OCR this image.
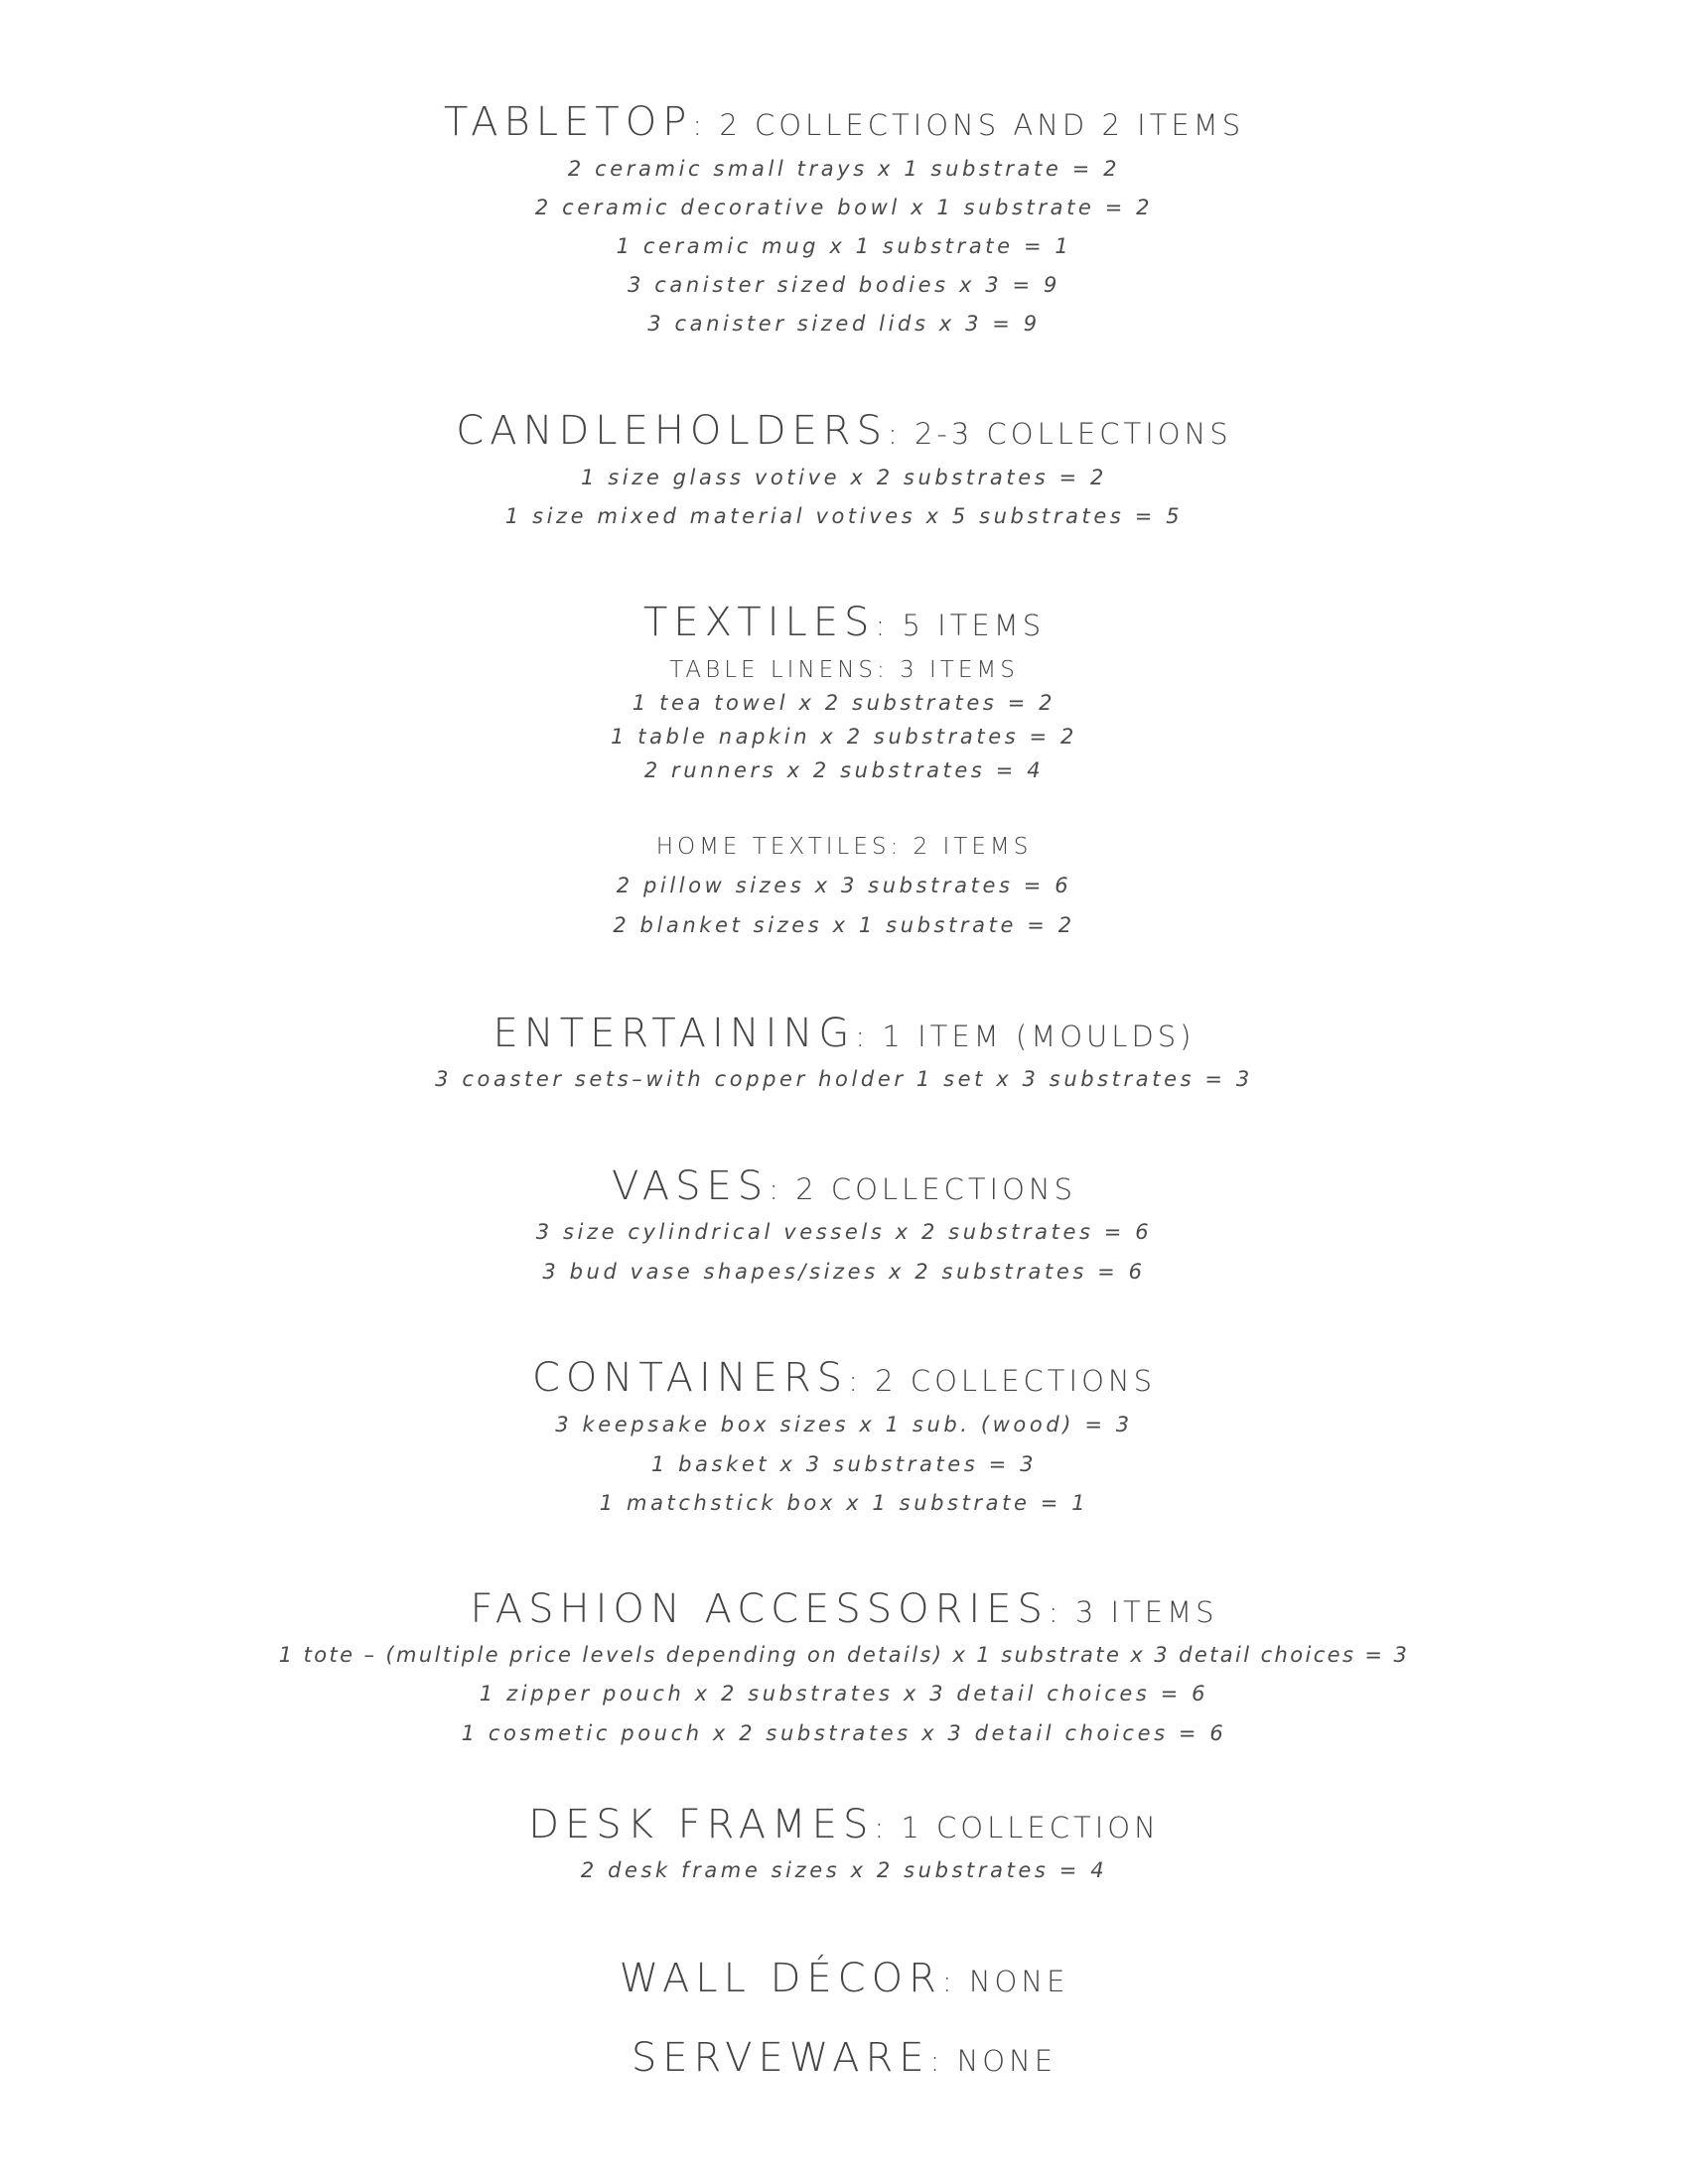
TABLETOP: 2 COLLECTIONS AND 2 ITEMS

2 ceramic small trays x 1 substrate = 2

2 ceramic decorative bowl x 1 substrate = 2

1 ceramic mug x 1 substrate = 1

3 canister sized bodies x 3 = 9

3 canister sized lids x 3 = 9

CANDLEHOLDERS: 2-3 COLLECTIONS

1 size glass votive x 2 substrates = 2

1 size mixed material votives x 5 substrates = 5

TEXTILES: 5 ITEMS

TABLE LINENS: 3 ITEMS

1 tea towel x 2 substrates = 2

1 table napkin x 2 substrates = 2

2 runners x 2 substrates = 4

HOME TEXTILES: 2 ITEMS

2 pillow sizes x 3 substrates = 6

2 blanket sizes x 1 substrate = 2

ENTERTAINING: 1 ITEM (MOULDS)

3 coaster sets–with copper holder 1 set x 3 substrates = 3

VASES: 2 COLLECTIONS

3 size cylindrical vessels x 2 substrates = 6

3 bud vase shapes/sizes x 2 substrates = 6

CONTAINERS: 2 COLLECTIONS

3 keepsake box sizes x 1 sub. (wood) = 3

1 basket x 3 substrates = 3

1 matchstick box x 1 substrate = 1

FASHION ACCESSORIES: 3 ITEMS

1 tote – (multiple price levels depending on details) x 1 substrate x 3 detail choices = 3

1 zipper pouch x 2 substrates x 3 detail choices = 6

1 cosmetic pouch x 2 substrates x 3 detail choices = 6

DESK FRAMES: 1 COLLECTION

2 desk frame sizes x 2 substrates = 4

WALL DÉCOR: NONE
SERVEWARE: NONE
